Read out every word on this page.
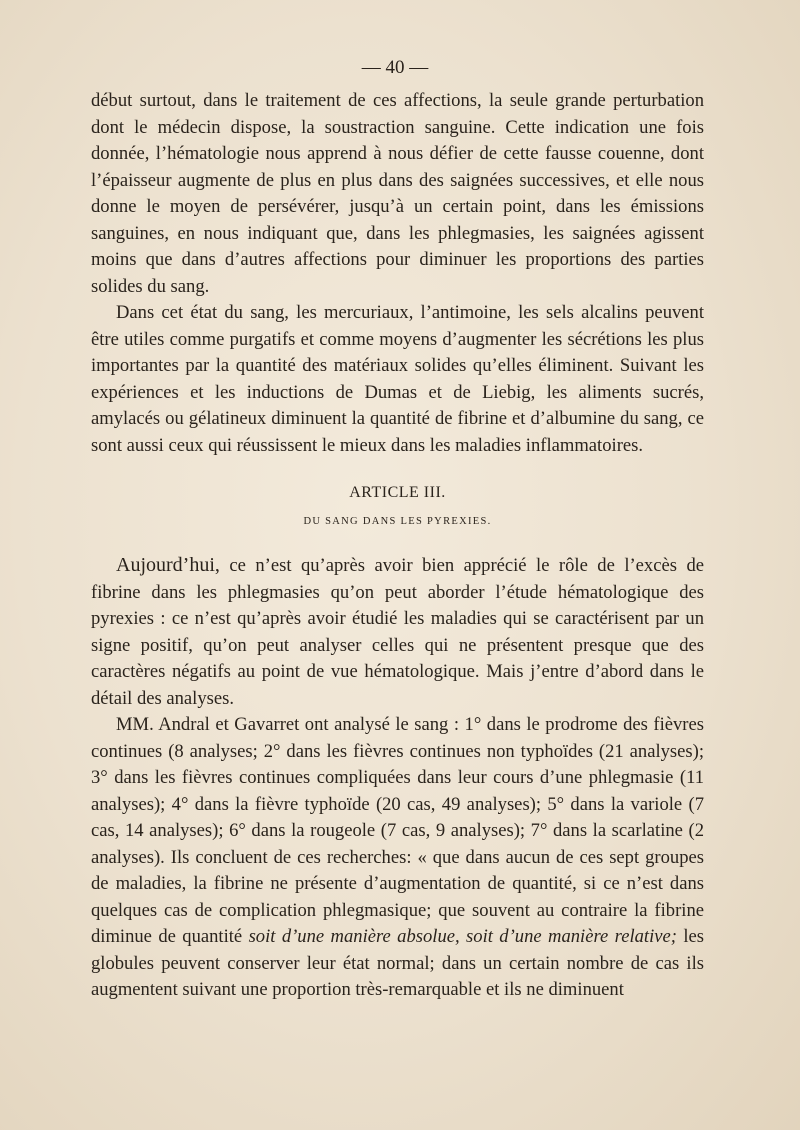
— 40 —

début surtout, dans le traitement de ces affections, la seule grande perturbation dont le médecin dispose, la soustraction sanguine. Cette indication une fois donnée, l’hématologie nous apprend à nous défier de cette fausse couenne, dont l’épaisseur augmente de plus en plus dans des saignées successives, et elle nous donne le moyen de persévérer, jusqu’à un certain point, dans les émissions sanguines, en nous indiquant que, dans les phlegmasies, les saignées agissent moins que dans d’autres affections pour diminuer les proportions des parties solides du sang.

Dans cet état du sang, les mercuriaux, l’antimoine, les sels alcalins peuvent être utiles comme purgatifs et comme moyens d’augmenter les sécrétions les plus importantes par la quantité des matériaux solides qu’elles éliminent. Suivant les expériences et les inductions de Dumas et de Liebig, les aliments sucrés, amylacés ou gélatineux diminuent la quantité de fibrine et d’albumine du sang, ce sont aussi ceux qui réussissent le mieux dans les maladies inflammatoires.

ARTICLE III.
DU SANG DANS LES PYREXIES.

Aujourd’hui, ce n’est qu’après avoir bien apprécié le rôle de l’excès de fibrine dans les phlegmasies qu’on peut aborder l’étude hématologique des pyrexies : ce n’est qu’après avoir étudié les maladies qui se caractérisent par un signe positif, qu’on peut analyser celles qui ne présentent presque que des caractères négatifs au point de vue hématologique. Mais j’entre d’abord dans le détail des analyses.

MM. Andral et Gavarret ont analysé le sang : 1° dans le prodrome des fièvres continues (8 analyses; 2° dans les fièvres continues non typhoïdes (21 analyses); 3° dans les fièvres continues compliquées dans leur cours d’une phlegmasie (11 analyses); 4° dans la fièvre typhoïde (20 cas, 49 analyses); 5° dans la variole (7 cas, 14 analyses); 6° dans la rougeole (7 cas, 9 analyses); 7° dans la scarlatine (2 analyses). Ils concluent de ces recherches: « que dans aucun de ces sept groupes de maladies, la fibrine ne présente d’augmentation de quantité, si ce n’est dans quelques cas de complication phlegmasique; que souvent au contraire la fibrine diminue de quantité soit d’une manière absolue, soit d’une manière relative; les globules peuvent conserver leur état normal; dans un certain nombre de cas ils augmentent suivant une proportion très-remarquable et ils ne diminuent
